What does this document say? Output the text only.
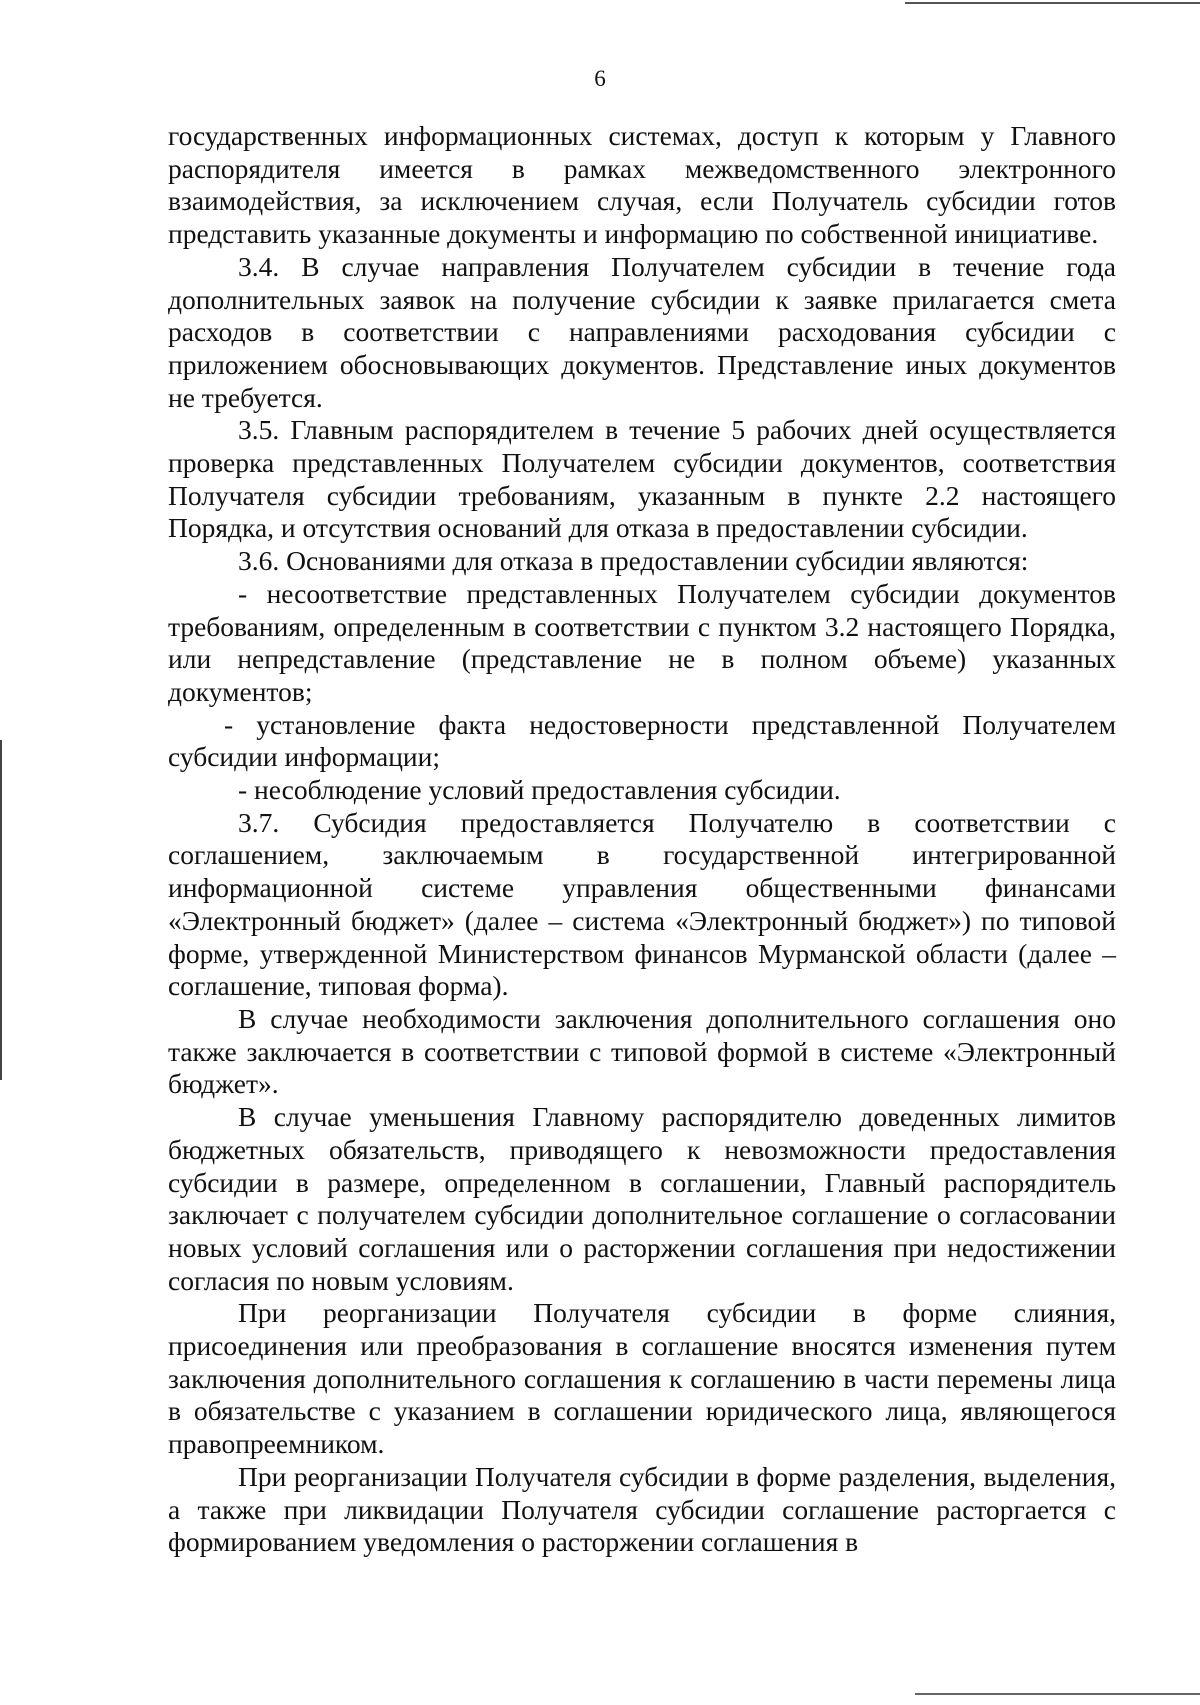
6

государственных информационных системах, доступ к которым у Главного распорядителя имеется в рамках межведомственного электронного взаимодействия, за исключением случая, если Получатель субсидии готов представить указанные документы и информацию по собственной инициативе.

3.4. В случае направления Получателем субсидии в течение года дополнительных заявок на получение субсидии к заявке прилагается смета расходов в соответствии с направлениями расходования субсидии с приложением обосновывающих документов. Представление иных документов не требуется.

3.5. Главным распорядителем в течение 5 рабочих дней осуществляется проверка представленных Получателем субсидии документов, соответствия Получателя субсидии требованиям, указанным в пункте 2.2 настоящего Порядка, и отсутствия оснований для отказа в предоставлении субсидии.

3.6. Основаниями для отказа в предоставлении субсидии являются:

- несоответствие представленных Получателем субсидии документов требованиям, определенным в соответствии с пунктом 3.2 настоящего Порядка, или непредставление (представление не в полном объеме) указанных документов;

- установление факта недостоверности представленной Получателем субсидии информации;

- несоблюдение условий предоставления субсидии.

3.7. Субсидия предоставляется Получателю в соответствии с соглашением, заключаемым в государственной интегрированной информационной системе управления общественными финансами «Электронный бюджет» (далее – система «Электронный бюджет») по типовой форме, утвержденной Министерством финансов Мурманской области (далее – соглашение, типовая форма).

В случае необходимости заключения дополнительного соглашения оно также заключается в соответствии с типовой формой в системе «Электронный бюджет».

В случае уменьшения Главному распорядителю доведенных лимитов бюджетных обязательств, приводящего к невозможности предоставления субсидии в размере, определенном в соглашении, Главный распорядитель заключает с получателем субсидии дополнительное соглашение о согласовании новых условий соглашения или о расторжении соглашения при недостижении согласия по новым условиям.

При реорганизации Получателя субсидии в форме слияния, присоединения или преобразования в соглашение вносятся изменения путем заключения дополнительного соглашения к соглашению в части перемены лица в обязательстве с указанием в соглашении юридического лица, являющегося правопреемником.

При реорганизации Получателя субсидии в форме разделения, выделения, а также при ликвидации Получателя субсидии соглашение расторгается с формированием уведомления о расторжении соглашения в
